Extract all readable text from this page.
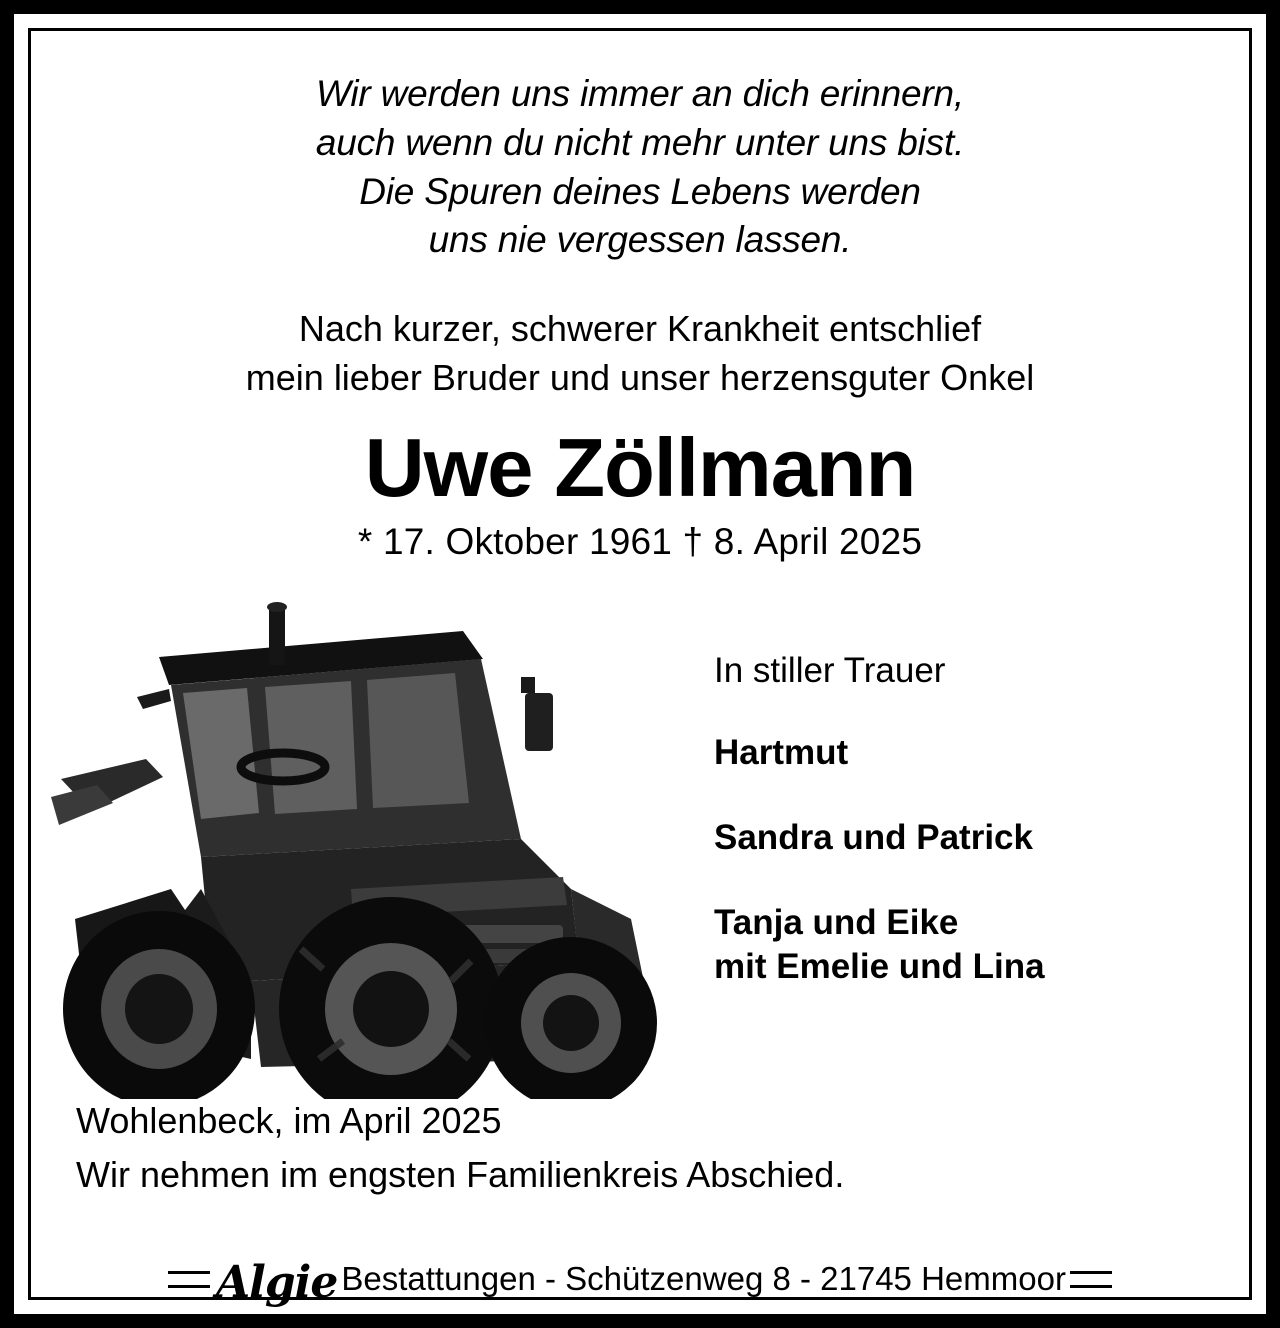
Wir werden uns immer an dich erinnern,
auch wenn du nicht mehr unter uns bist.
Die Spuren deines Lebens werden
uns nie vergessen lassen.
Nach kurzer, schwerer Krankheit entschlief
mein lieber Bruder und unser herzensguter Onkel
Uwe Zöllmann
* 17. Oktober 1961 † 8. April 2025
In stiller Trauer
Hartmut
Sandra und Patrick
Tanja und Eike
mit Emelie und Lina
Wohlenbeck, im April 2025
Wir nehmen im engsten Familienkreis Abschied.
Algie Bestattungen - Schützenweg 8 - 21745 Hemmoor
